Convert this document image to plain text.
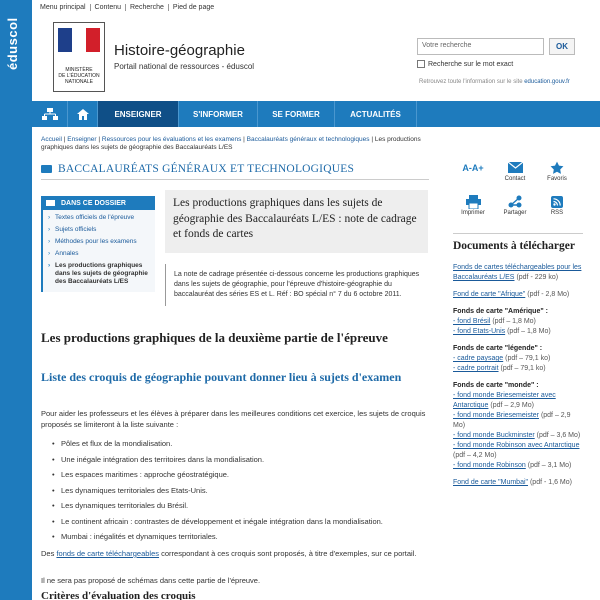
éduscol
Menu principal Contenu Recherche Pied de page
MINISTÈRE
DE L'ÉDUCATION
NATIONALE
Histoire-géographie
Portail national de ressources - éduscol
Votre recherche	OK
Recherche sur le mot exact
Retrouvez toute l'information sur le site education.gouv.fr
ENSEIGNER	S'INFORMER	SE FORMER	ACTUALITÉS
Accueil | Enseigner | Ressources pour les évaluations et les examens | Baccalauréats généraux et technologiques | Les productions graphiques dans les sujets de géographie des Baccalauréats L/ES
BACCALAURÉATS GÉNÉRAUX ET TECHNOLOGIQUES
DANS CE DOSSIER
› Textes officiels de l'épreuve
› Sujets officiels
› Méthodes pour les examens
› Annales
› Les productions graphiques dans les sujets de géographie des Baccalauréats L/ES
Les productions graphiques dans les sujets de géographie des Baccalauréats L/ES : note de cadrage et fonds de cartes
La note de cadrage présentée ci-dessous concerne les productions graphiques dans les sujets de géographie, pour l'épreuve d'histoire-géographie du baccalauréat des séries ES et L. Réf : BO spécial n° 7 du 6 octobre 2011.
Les productions graphiques de la deuxième partie de l'épreuve
Liste des croquis de géographie pouvant donner lieu à sujets d'examen
Pour aider les professeurs et les élèves à préparer dans les meilleures conditions cet exercice, les sujets de croquis proposés se limiteront à la liste suivante :
• Pôles et flux de la mondialisation.
• Une inégale intégration des territoires dans la mondialisation.
• Les espaces maritimes : approche géostratégique.
• Les dynamiques territoriales des Etats-Unis.
• Les dynamiques territoriales du Brésil.
• Le continent africain : contrastes de développement et inégale intégration dans la mondialisation.
• Mumbai : inégalités et dynamiques territoriales.
Des fonds de carte téléchargeables correspondant à ces croquis sont proposés, à titre d'exemples, sur ce portail.
Il ne sera pas proposé de schémas dans cette partie de l'épreuve.
Critères d'évaluation des croquis
A-A+
Contact	Favoris
Imprimer	Partager	RSS
Documents à télécharger
Fonds de cartes téléchargeables pour les Baccalauréats L/ES (pdf - 229 ko)
Fond de carte "Afrique" (pdf - 2,8 Mo)
Fonds de carte "Amérique" :
- fond Brésil (pdf – 1,8 Mo)
- fond Etats-Unis (pdf – 1,8 Mo)
Fonds de carte "légende" :
- cadre paysage (pdf – 79,1 ko)
- cadre portrait (pdf – 79,1 ko)
Fonds de carte "monde" :
- fond monde Briesemeister avec Antarctique (pdf – 2,9 Mo)
- fond monde Briesemeister (pdf – 2,9 Mo)
- fond monde Buckminster (pdf – 3,6 Mo)
- fond monde Robinson avec Antarctique (pdf – 4,2 Mo)
- fond monde Robinson (pdf – 3,1 Mo)
Fond de carte "Mumbai" (pdf - 1,6 Mo)
